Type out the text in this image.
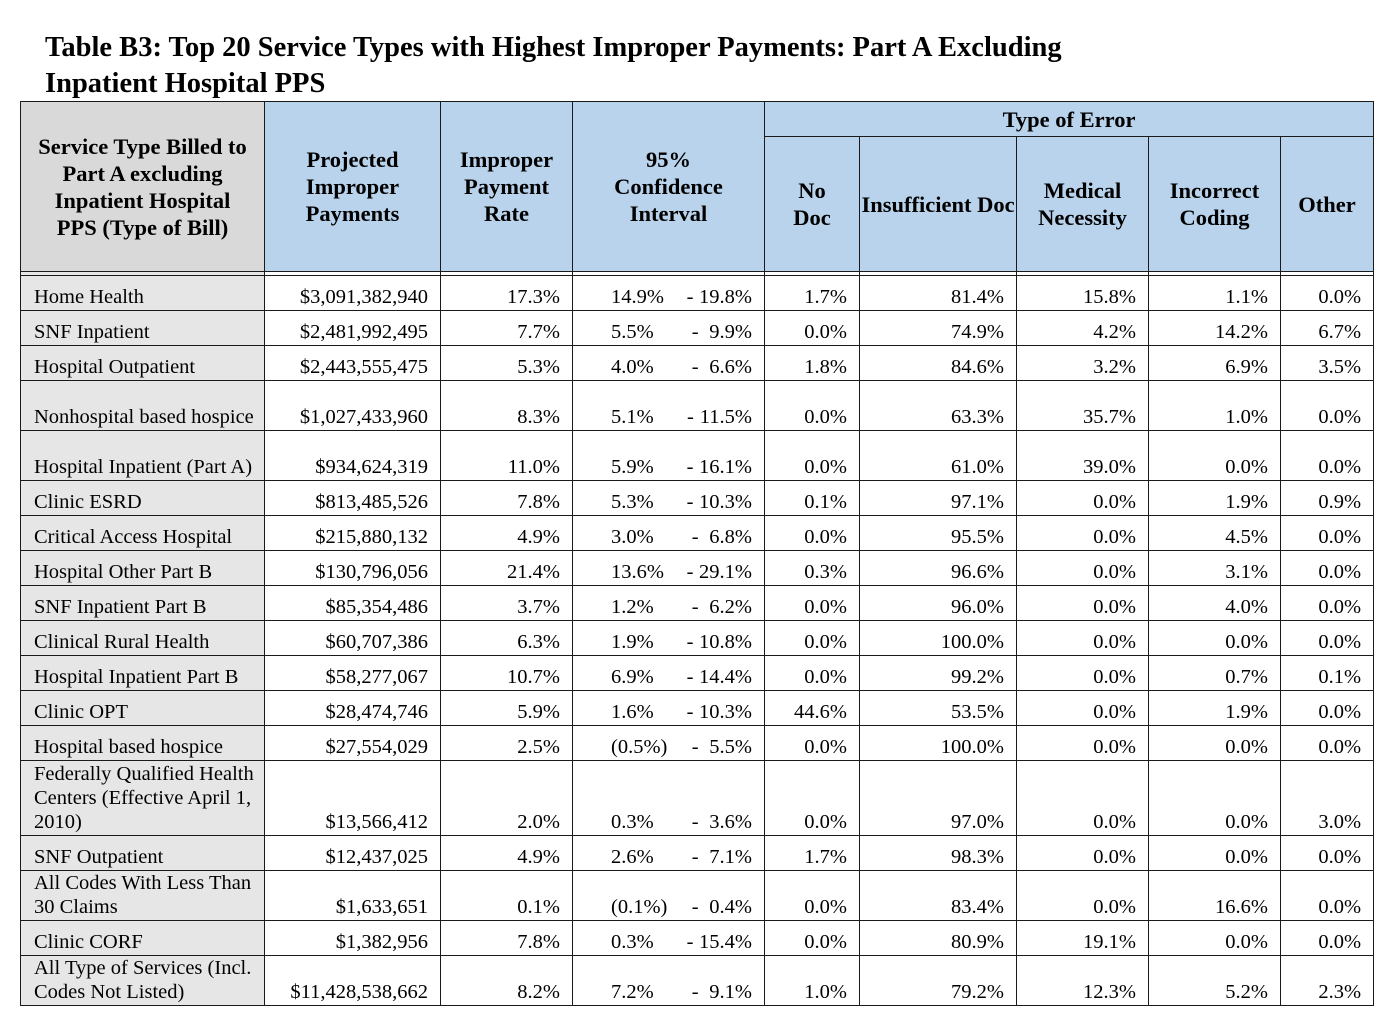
Table B3: Top 20 Service Types with Highest Improper Payments: Part A Excluding
Inpatient Hospital PPS
Service Type Billed to Part A excluding Inpatient Hospital PPS (Type of Bill)	Projected Improper Payments	Improper Payment Rate	95% Confidence Interval	Type of Error				
				No Doc	Insufficient Doc	Medical Necessity	Incorrect Coding	Other

Home Health	$3,091,382,940	17.3%	14.9% - 19.8%	1.7%	81.4%	15.8%	1.1%	0.0%
SNF Inpatient	$2,481,992,495	7.7%	5.5% - 9.9%	0.0%	74.9%	4.2%	14.2%	6.7%
Hospital Outpatient	$2,443,555,475	5.3%	4.0% - 6.6%	1.8%	84.6%	3.2%	6.9%	3.5%
Nonhospital based hospice	$1,027,433,960	8.3%	5.1% - 11.5%	0.0%	63.3%	35.7%	1.0%	0.0%
Hospital Inpatient (Part A)	$934,624,319	11.0%	5.9% - 16.1%	0.0%	61.0%	39.0%	0.0%	0.0%
Clinic ESRD	$813,485,526	7.8%	5.3% - 10.3%	0.1%	97.1%	0.0%	1.9%	0.9%
Critical Access Hospital	$215,880,132	4.9%	3.0% - 6.8%	0.0%	95.5%	0.0%	4.5%	0.0%
Hospital Other Part B	$130,796,056	21.4%	13.6% - 29.1%	0.3%	96.6%	0.0%	3.1%	0.0%
SNF Inpatient Part B	$85,354,486	3.7%	1.2% - 6.2%	0.0%	96.0%	0.0%	4.0%	0.0%
Clinical Rural Health	$60,707,386	6.3%	1.9% - 10.8%	0.0%	100.0%	0.0%	0.0%	0.0%
Hospital Inpatient Part B	$58,277,067	10.7%	6.9% - 14.4%	0.0%	99.2%	0.0%	0.7%	0.1%
Clinic OPT	$28,474,746	5.9%	1.6% - 10.3%	44.6%	53.5%	0.0%	1.9%	0.0%
Hospital based hospice	$27,554,029	2.5%	(0.5%) - 5.5%	0.0%	100.0%	0.0%	0.0%	0.0%
Federally Qualified Health Centers (Effective April 1, 2010)	$13,566,412	2.0%	0.3% - 3.6%	0.0%	97.0%	0.0%	0.0%	3.0%
SNF Outpatient	$12,437,025	4.9%	2.6% - 7.1%	1.7%	98.3%	0.0%	0.0%	0.0%
All Codes With Less Than 30 Claims	$1,633,651	0.1%	(0.1%) - 0.4%	0.0%	83.4%	0.0%	16.6%	0.0%
Clinic CORF	$1,382,956	7.8%	0.3% - 15.4%	0.0%	80.9%	19.1%	0.0%	0.0%
All Type of Services (Incl. Codes Not Listed)	$11,428,538,662	8.2%	7.2% - 9.1%	1.0%	79.2%	12.3%	5.2%	2.3%
